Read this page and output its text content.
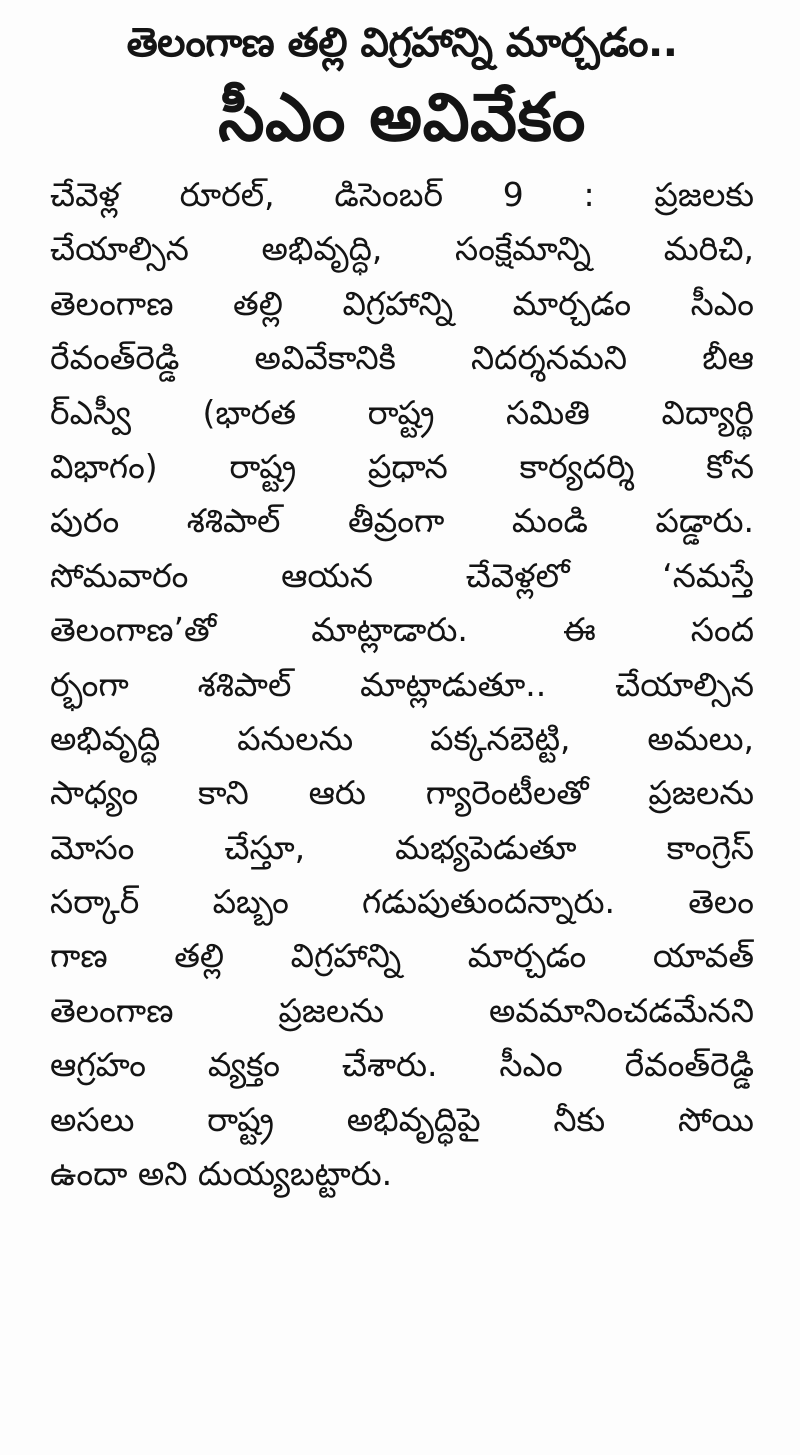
తెలంగాణ తల్లి విగ్రహాన్ని మార్చడం..
సీఎం అవివేకం
చేవెళ్ల రూరల్‌, డిసెంబర్‌ 9 : ప్రజలకు
చేయాల్సిన అభివృద్ధి, సంక్షేమాన్ని మరిచి,
తెలంగాణ తల్లి విగ్రహాన్ని మార్చడం సీఎం
రేవంత్‌రెడ్డి అవివేకానికి నిదర్శనమని బీఆ
ర్‌ఎస్వీ (భారత రాష్ట్ర సమితి విద్యార్థి
విభాగం) రాష్ట్ర ప్రధాన కార్యదర్శి కోన
పురం శశిపాల్‌ తీవ్రంగా మండి పడ్డారు.
సోమవారం ఆయన చేవెళ్లలో ‘నమస్తే
తెలంగాణ’తో మాట్లాడారు. ఈ సంద
ర్భంగా శశిపాల్‌ మాట్లాడుతూ.. చేయాల్సిన
అభివృద్ధి పనులను పక్కనబెట్టి, అమలు,
సాధ్యం కాని ఆరు గ్యారెంటీలతో ప్రజలను
మోసం చేస్తూ, మభ్యపెడుతూ కాంగ్రెస్‌
సర్కార్‌ పబ్బం గడుపుతుందన్నారు. తెలం
గాణ తల్లి విగ్రహాన్ని మార్చడం యావత్‌
తెలంగాణ ప్రజలను అవమానించడమేనని
ఆగ్రహం వ్యక్తం చేశారు. సీఎం రేవంత్‌రెడ్డి
అసలు రాష్ట్ర అభివృద్ధిపై నీకు సోయి
ఉందా అని దుయ్యబట్టారు.
